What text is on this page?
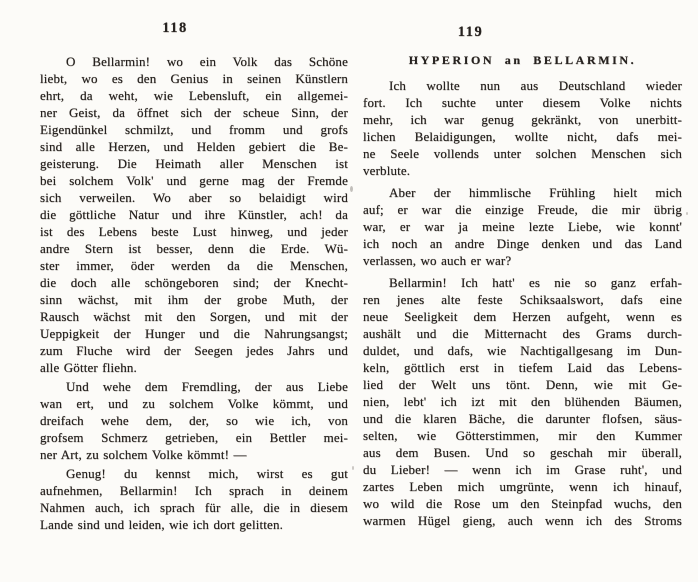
118
O Bellarmin! wo ein Volk das Schöne
liebt, wo es den Genius in seinen Künstlern
ehrt, da weht, wie Lebensluft, ein allgemei-
ner Geist, da öffnet sich der scheue Sinn, der
Eigendünkel schmilzt, und fromm und grofs
sind alle Herzen, und Helden gebiert die Be-
geisterung. Die Heimath aller Menschen ist
bei solchem Volk' und gerne mag der Fremde
sich verweilen. Wo aber so belaidigt wird
die göttliche Natur und ihre Künstler, ach! da
ist des Lebens beste Lust hinweg, und jeder
andre Stern ist besser, denn die Erde. Wü-
ster immer, öder werden da die Menschen,
die doch alle schöngeboren sind; der Knecht-
sinn wächst, mit ihm der grobe Muth, der
Rausch wächst mit den Sorgen, und mit der
Ueppigkeit der Hunger und die Nahrungsangst;
zum Fluche wird der Seegen jedes Jahrs und
alle Götter fliehn.
Und wehe dem Fremdling, der aus Liebe
wan ert, und zu solchem Volke kömmt, und
dreifach wehe dem, der, so wie ich, von
grofsem Schmerz getrieben, ein Bettler mei-
ner Art, zu solchem Volke kömmt! —
Genug! du kennst mich, wirst es gut
aufnehmen, Bellarmin! Ich sprach in deinem
Nahmen auch, ich sprach für alle, die in diesem
Lande sind und leiden, wie ich dort gelitten.
119
HYPERION an BELLARMIN.
Ich wollte nun aus Deutschland wieder
fort. Ich suchte unter diesem Volke nichts
mehr, ich war genug gekränkt, von unerbitt-
lichen Belaidigungen, wollte nicht, dafs mei-
ne Seele vollends unter solchen Menschen sich
verblute.
Aber der himmlische Frühling hielt mich
auf; er war die einzige Freude, die mir übrig
war, er war ja meine lezte Liebe, wie konnt'
ich noch an andre Dinge denken und das Land
verlassen, wo auch er war?
Bellarmin! Ich hatt' es nie so ganz erfah-
ren jenes alte feste Schiksaalswort, dafs eine
neue Seeligkeit dem Herzen aufgeht, wenn es
aushält und die Mitternacht des Grams durch-
duldet, und dafs, wie Nachtigallgesang im Dun-
keln, göttlich erst in tiefem Laid das Lebens-
lied der Welt uns tönt. Denn, wie mit Ge-
nien, lebt' ich izt mit den blühenden Bäumen,
und die klaren Bäche, die darunter flofsen, säus-
selten, wie Götterstimmen, mir den Kummer
aus dem Busen. Und so geschah mir überall,
du Lieber! — wenn ich im Grase ruht', und
zartes Leben mich umgrünte, wenn ich hinauf,
wo wild die Rose um den Steinpfad wuchs, den
warmen Hügel gieng, auch wenn ich des Stroms
